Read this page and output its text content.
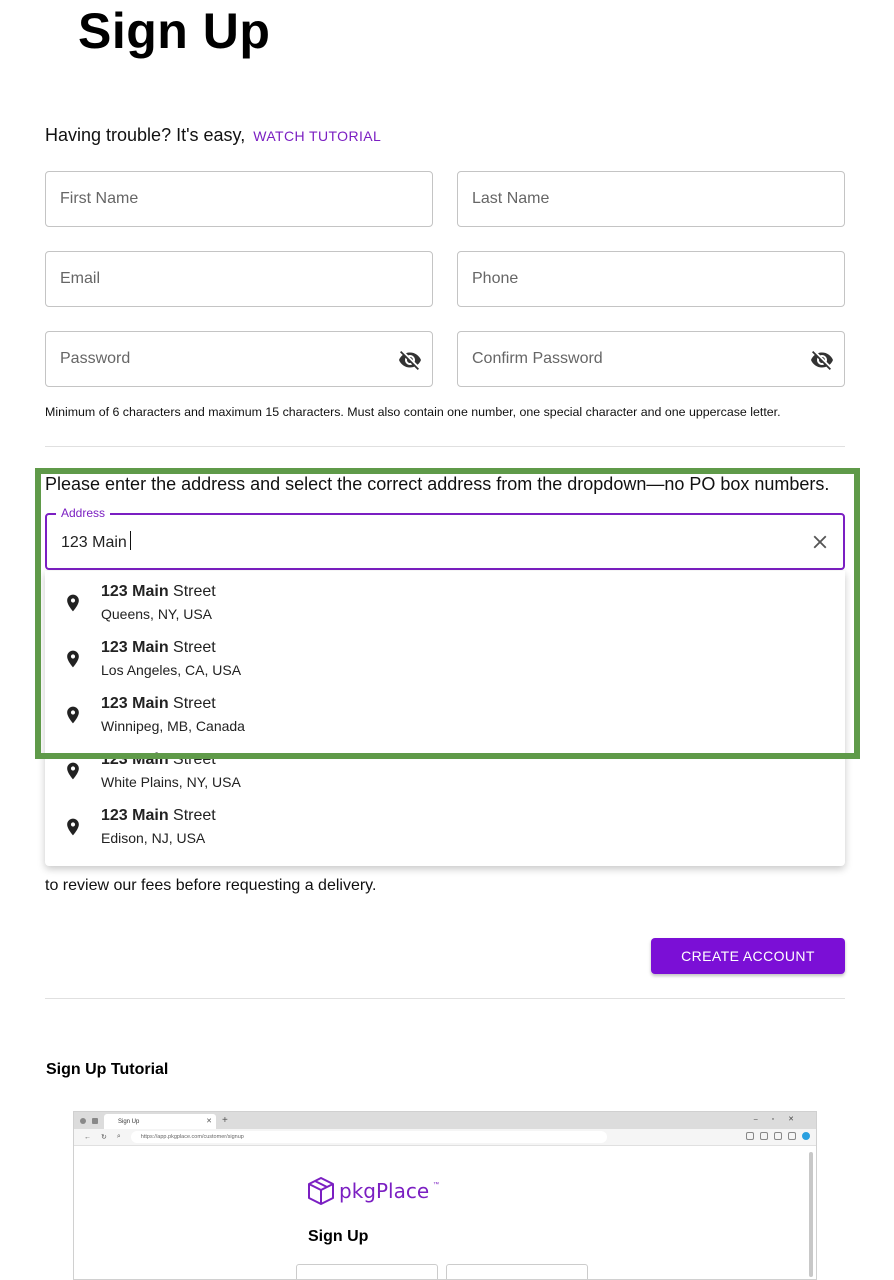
Sign Up
Having trouble? It's easy, WATCH TUTORIAL
First Name
Last Name
Email
Phone
Minimum of 6 characters and maximum 15 characters. Must also contain one number, one special character and one uppercase letter.
Please enter the address and select the correct address from the dropdown—no PO box numbers.
Address
123 Main
to review our fees before requesting a delivery.
123 Main Street
Queens, NY, USA
123 Main Street
Los Angeles, CA, USA
123 Main Street
Winnipeg, MB, Canada
123 Main Street
White Plains, NY, USA
123 Main Street
Edison, NJ, USA
CREATE ACCOUNT
Sign Up Tutorial
Sign Up	✕ +	–▫✕
← ↻ ⌕	https://app.pkgplace.com/customer/signup
pkgPlace ™
Sign Up
